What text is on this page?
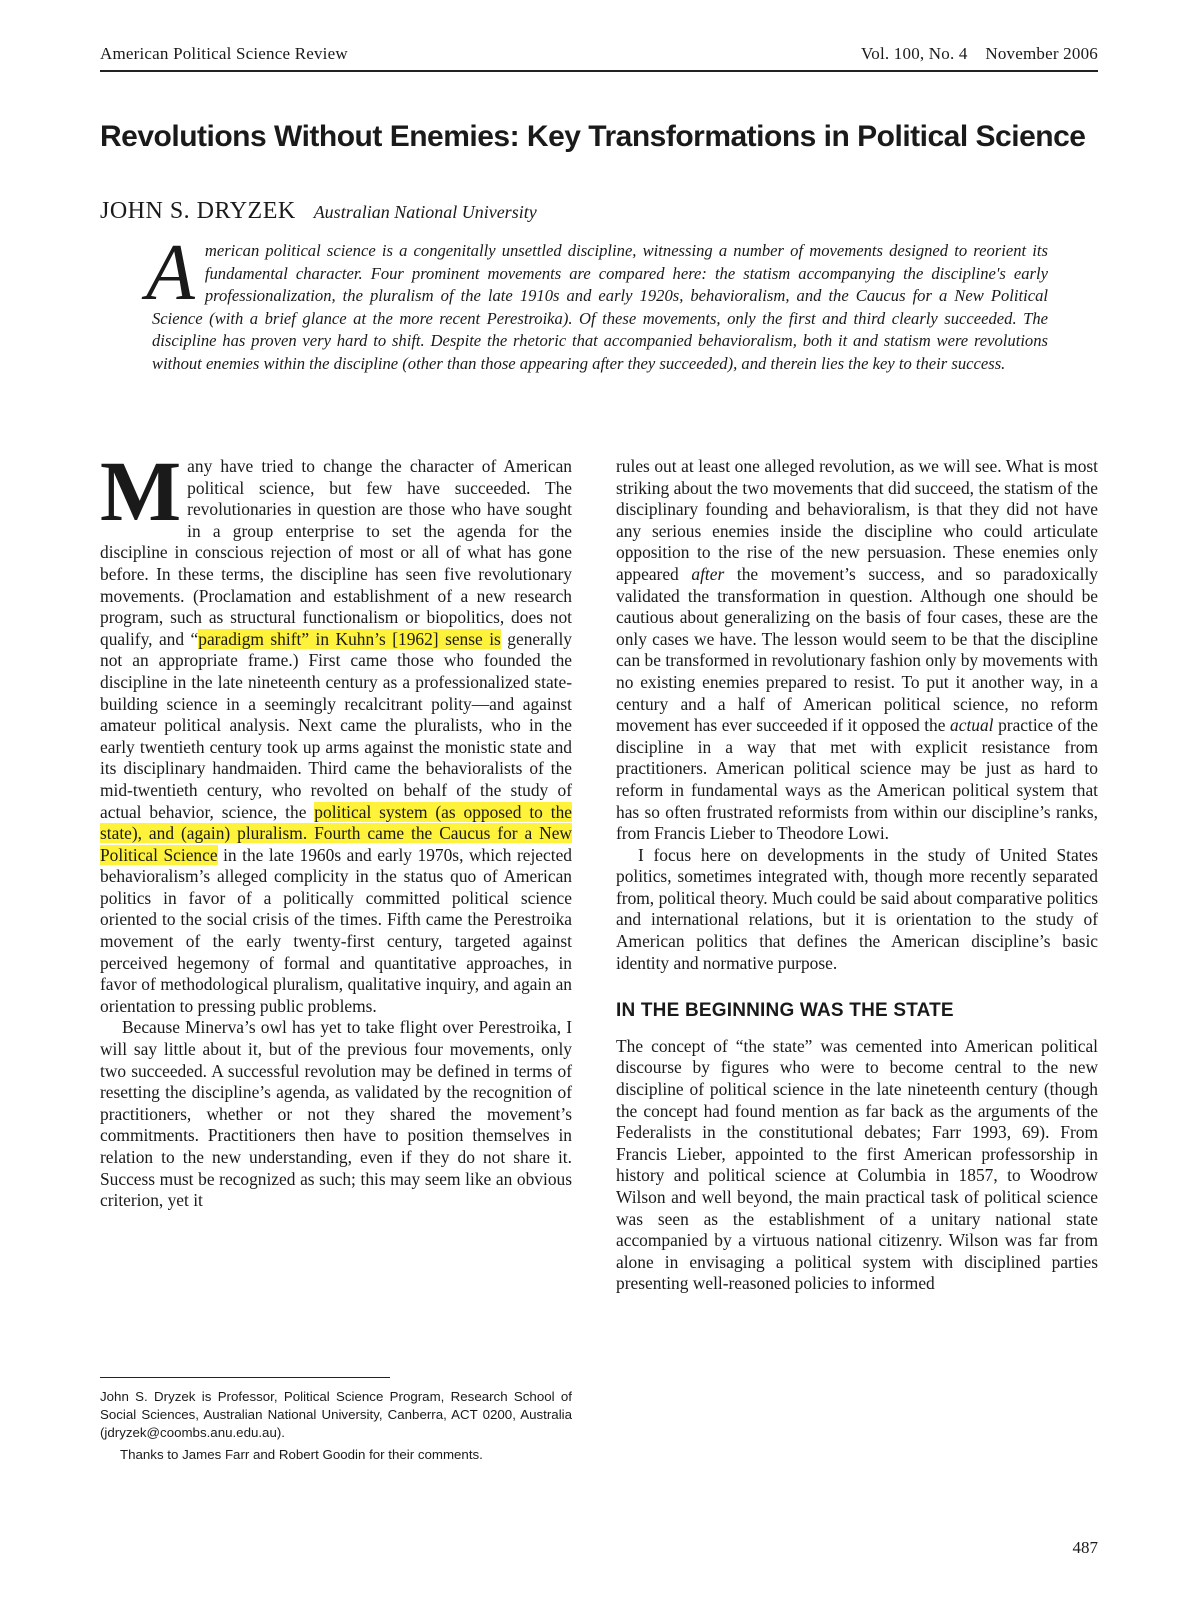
American Political Science Review	Vol. 100, No. 4    November 2006
Revolutions Without Enemies: Key Transformations in Political Science
JOHN S. DRYZEK Australian National University
American political science is a congenitally unsettled discipline, witnessing a number of movements designed to reorient its fundamental character. Four prominent movements are compared here: the statism accompanying the discipline's early professionalization, the pluralism of the late 1910s and early 1920s, behavioralism, and the Caucus for a New Political Science (with a brief glance at the more recent Perestroika). Of these movements, only the first and third clearly succeeded. The discipline has proven very hard to shift. Despite the rhetoric that accompanied behavioralism, both it and statism were revolutions without enemies within the discipline (other than those appearing after they succeeded), and therein lies the key to their success.

Many have tried to change the character of American political science, but few have succeeded. The revolutionaries in question are those who have sought in a group enterprise to set the agenda for the discipline in conscious rejection of most or all of what has gone before. In these terms, the discipline has seen five revolutionary movements. (Proclamation and establishment of a new research program, such as structural functionalism or biopolitics, does not qualify, and “paradigm shift” in Kuhn’s [1962] sense is generally not an appropriate frame.) First came those who founded the discipline in the late nineteenth century as a professionalized state-building science in a seemingly recalcitrant polity—and against amateur political analysis. Next came the pluralists, who in the early twentieth century took up arms against the monistic state and its disciplinary handmaiden. Third came the behavioralists of the mid-twentieth century, who revolted on behalf of the study of actual behavior, science, the political system (as opposed to the state), and (again) pluralism. Fourth came the Caucus for a New Political Science in the late 1960s and early 1970s, which rejected behavioralism’s alleged complicity in the status quo of American politics in favor of a politically committed political science oriented to the social crisis of the times. Fifth came the Perestroika movement of the early twenty-first century, targeted against perceived hegemony of formal and quantitative approaches, in favor of methodological pluralism, qualitative inquiry, and again an orientation to pressing public problems.

Because Minerva’s owl has yet to take flight over Perestroika, I will say little about it, but of the previous four movements, only two succeeded. A successful revolution may be defined in terms of resetting the discipline’s agenda, as validated by the recognition of practitioners, whether or not they shared the movement’s commitments. Practitioners then have to position themselves in relation to the new understanding, even if they do not share it. Success must be recognized as such; this may seem like an obvious criterion, yet it

rules out at least one alleged revolution, as we will see. What is most striking about the two movements that did succeed, the statism of the disciplinary founding and behavioralism, is that they did not have any serious enemies inside the discipline who could articulate opposition to the rise of the new persuasion. These enemies only appeared after the movement’s success, and so paradoxically validated the transformation in question. Although one should be cautious about generalizing on the basis of four cases, these are the only cases we have. The lesson would seem to be that the discipline can be transformed in revolutionary fashion only by movements with no existing enemies prepared to resist. To put it another way, in a century and a half of American political science, no reform movement has ever succeeded if it opposed the actual practice of the discipline in a way that met with explicit resistance from practitioners. American political science may be just as hard to reform in fundamental ways as the American political system that has so often frustrated reformists from within our discipline’s ranks, from Francis Lieber to Theodore Lowi.

I focus here on developments in the study of United States politics, sometimes integrated with, though more recently separated from, political theory. Much could be said about comparative politics and international relations, but it is orientation to the study of American politics that defines the American discipline’s basic identity and normative purpose.

IN THE BEGINNING WAS THE STATE

The concept of “the state” was cemented into American political discourse by figures who were to become central to the new discipline of political science in the late nineteenth century (though the concept had found mention as far back as the arguments of the Federalists in the constitutional debates; Farr 1993, 69). From Francis Lieber, appointed to the first American professorship in history and political science at Columbia in 1857, to Woodrow Wilson and well beyond, the main practical task of political science was seen as the establishment of a unitary national state accompanied by a virtuous national citizenry. Wilson was far from alone in envisaging a political system with disciplined parties presenting well-reasoned policies to informed

John S. Dryzek is Professor, Political Science Program, Research School of Social Sciences, Australian National University, Canberra, ACT 0200, Australia (jdryzek@coombs.anu.edu.au).

Thanks to James Farr and Robert Goodin for their comments.

487
